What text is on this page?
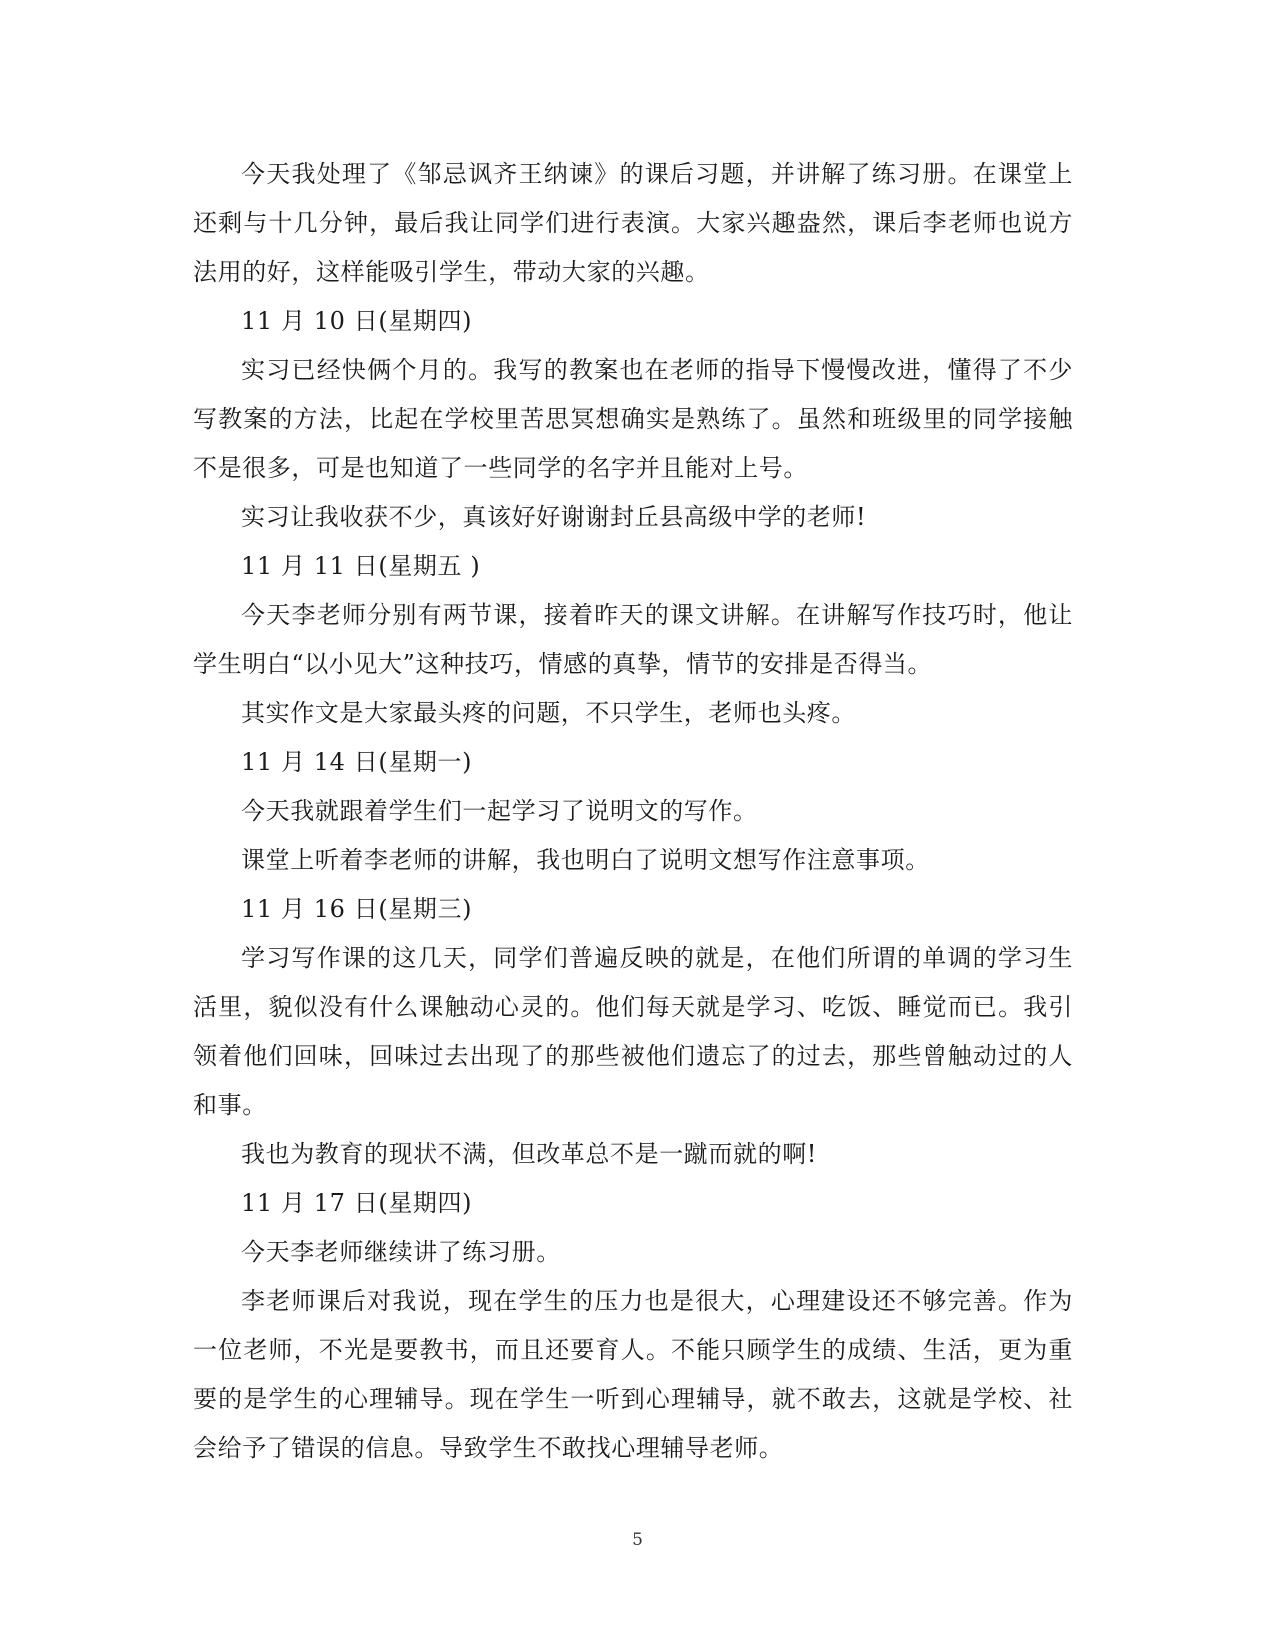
今天我处理了《邹忌讽齐王纳谏》的课后习题，并讲解了练习册。在课堂上还剩与十几分钟，最后我让同学们进行表演。大家兴趣盎然，课后李老师也说方法用的好，这样能吸引学生，带动大家的兴趣。

11 月 10 日(星期四)

实习已经快俩个月的。我写的教案也在老师的指导下慢慢改进，懂得了不少写教案的方法，比起在学校里苦思冥想确实是熟练了。虽然和班级里的同学接触不是很多，可是也知道了一些同学的名字并且能对上号。

实习让我收获不少，真该好好谢谢封丘县高级中学的老师!

11 月 11 日(星期五 )

今天李老师分别有两节课，接着昨天的课文讲解。在讲解写作技巧时，他让学生明白“以小见大”这种技巧，情感的真挚，情节的安排是否得当。

其实作文是大家最头疼的问题，不只学生，老师也头疼。

11 月 14 日(星期一)

今天我就跟着学生们一起学习了说明文的写作。

课堂上听着李老师的讲解，我也明白了说明文想写作注意事项。

11 月 16 日(星期三)

学习写作课的这几天，同学们普遍反映的就是，在他们所谓的单调的学习生活里，貌似没有什么课触动心灵的。他们每天就是学习、吃饭、睡觉而已。我引领着他们回味，回味过去出现了的那些被他们遗忘了的过去，那些曾触动过的人和事。

我也为教育的现状不满，但改革总不是一蹴而就的啊!

11 月 17 日(星期四)

今天李老师继续讲了练习册。

李老师课后对我说，现在学生的压力也是很大，心理建设还不够完善。作为一位老师，不光是要教书，而且还要育人。不能只顾学生的成绩、生活，更为重要的是学生的心理辅导。现在学生一听到心理辅导，就不敢去，这就是学校、社会给予了错误的信息。导致学生不敢找心理辅导老师。

5
